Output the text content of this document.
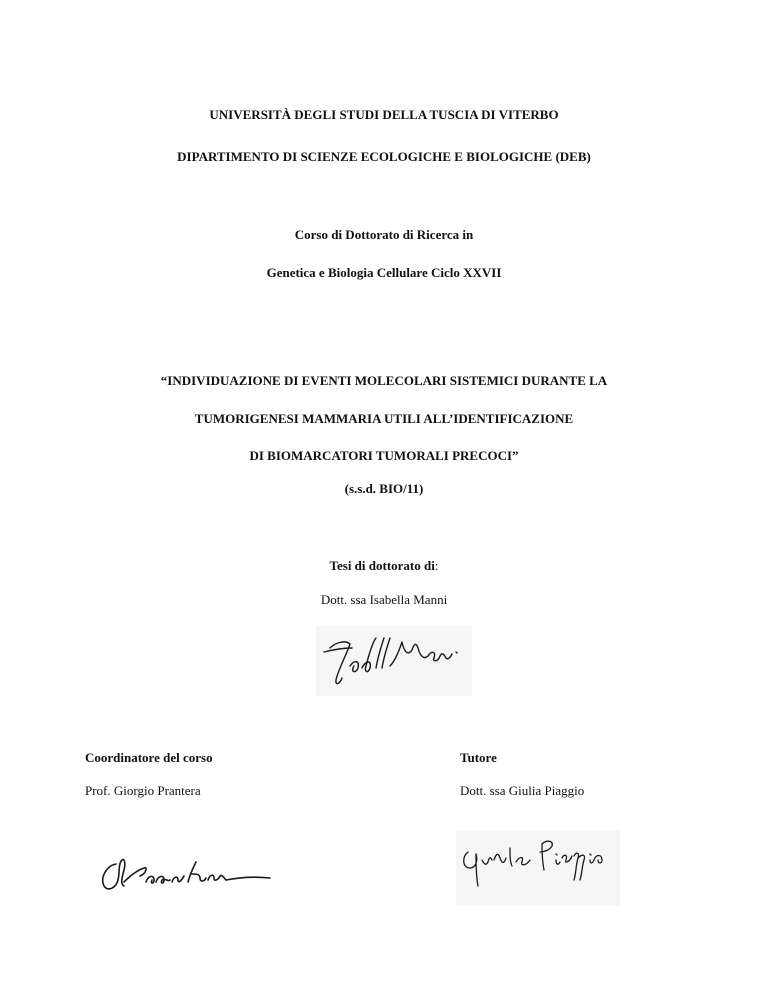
UNIVERSITÀ DEGLI STUDI DELLA TUSCIA DI VITERBO
DIPARTIMENTO DI SCIENZE ECOLOGICHE E BIOLOGICHE (DEB)
Corso di Dottorato di Ricerca in
Genetica e Biologia Cellulare Ciclo XXVII
“INDIVIDUAZIONE DI EVENTI MOLECOLARI SISTEMICI DURANTE LA
TUMORIGENESI MAMMARIA UTILI ALL’IDENTIFICAZIONE
DI BIOMARCATORI TUMORALI PRECOCI”
(s.s.d. BIO/11)
Tesi di dottorato di:
Dott. ssa Isabella Manni
Coordinatore del corso
Prof. Giorgio Prantera
Tutore
Dott. ssa Giulia Piaggio
